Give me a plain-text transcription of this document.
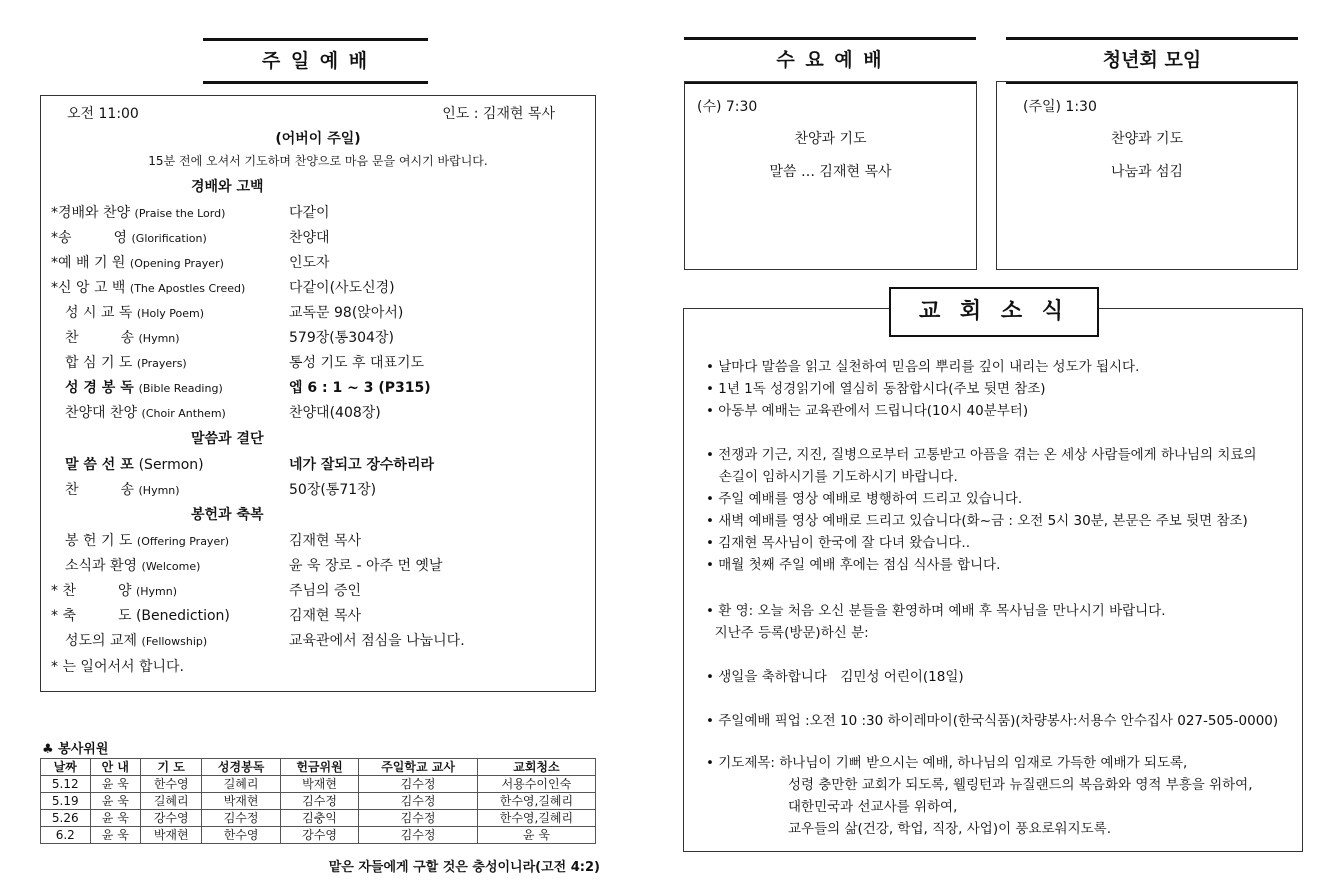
주 일 예 배
오전 11:00	인도 : 김재현 목사
(어버이 주일)
15분 전에 오셔서 기도하며 찬양으로 마음 문을 여시기 바랍니다.
경배와 고백
*경배와 찬양 (Praise the Lord)	다같이
*송　　　영 (Glorification)	찬양대
*예 배 기 원 (Opening Prayer)	인도자
*신 앙 고 백 (The Apostles Creed)	다같이(사도신경)
성 시 교 독 (Holy Poem)	교독문 98(앉아서)
찬　　　송 (Hymn)	579장(통304장)
합 심 기 도 (Prayers)	통성 기도 후 대표기도
성 경 봉 독 (Bible Reading)	엡 6 : 1 ~ 3 (P315)
찬양대 찬양 (Choir Anthem)	찬양대(408장)
말씀과 결단
말 씀 선 포 (Sermon)	네가 잘되고 장수하리라
찬　　　송 (Hymn)	50장(통71장)
봉헌과 축복
봉 헌 기 도 (Offering Prayer)	김재현 목사
소식과 환영 (Welcome)	윤 욱 장로 - 아주 먼 옛날
* 찬　　　양 (Hymn)	주님의 증인
* 축　　　도 (Benediction)	김재현 목사
성도의 교제 (Fellowship)	교육관에서 점심을 나눕니다.
* 는 일어서서 합니다.
♣ 봉사위원
날짜	안 내	기 도	성경봉독	헌금위원	주일학교 교사	교회청소
5.12	윤 욱	한수영	길혜리	박재현	김수정	서용수이인숙
5.19	윤 욱	길혜리	박재현	김수정	김수정	한수영,길혜리
5.26	윤 욱	강수영	김수정	김충익	김수정	한수영,길혜리
6.2	윤 욱	박재현	한수영	강수영	김수정	윤 욱
맡은 자들에게 구할 것은 충성이니라(고전 4:2)
수 요 예 배
(수) 7:30
찬양과 기도
말씀 … 김재현 목사
청년회 모임
(주일) 1:30
찬양과 기도
나눔과 섬김
• 날마다 말씀을 읽고 실천하여 믿음의 뿌리를 깊이 내리는 성도가 됩시다.
• 1년 1독 성경읽기에 열심히 동참합시다(주보 뒷면 참조)
• 아동부 예배는 교육관에서 드립니다(10시 40분부터)
• 전쟁과 기근, 지진, 질병으로부터 고통받고 아픔을 겪는 온 세상 사람들에게 하나님의 치료의
손길이 임하시기를 기도하시기 바랍니다.
• 주일 예배를 영상 예배로 병행하여 드리고 있습니다.
• 새벽 예배를 영상 예배로 드리고 있습니다(화~금 : 오전 5시 30분, 본문은 주보 뒷면 참조)
• 김재현 목사님이 한국에 잘 다녀 왔습니다..
• 매월 첫째 주일 예배 후에는 점심 식사를 합니다.
• 환 영: 오늘 처음 오신 분들을 환영하며 예배 후 목사님을 만나시기 바랍니다.
지난주 등록(방문)하신 분:
• 생일을 축하합니다　김민성 어린이(18일)
• 주일예배 픽업 :오전 10 :30 하이레마이(한국식품)(차량봉사:서용수 안수집사 027-505-0000)
• 기도제목: 하나님이 기뻐 받으시는 예배, 하나님의 임재로 가득한 예배가 되도록,
성령 충만한 교회가 되도록, 웰링턴과 뉴질랜드의 복음화와 영적 부흥을 위하여,
대한민국과 선교사를 위하여,
교우들의 삶(건강, 학업, 직장, 사업)이 풍요로워지도록.
교 회 소 식
